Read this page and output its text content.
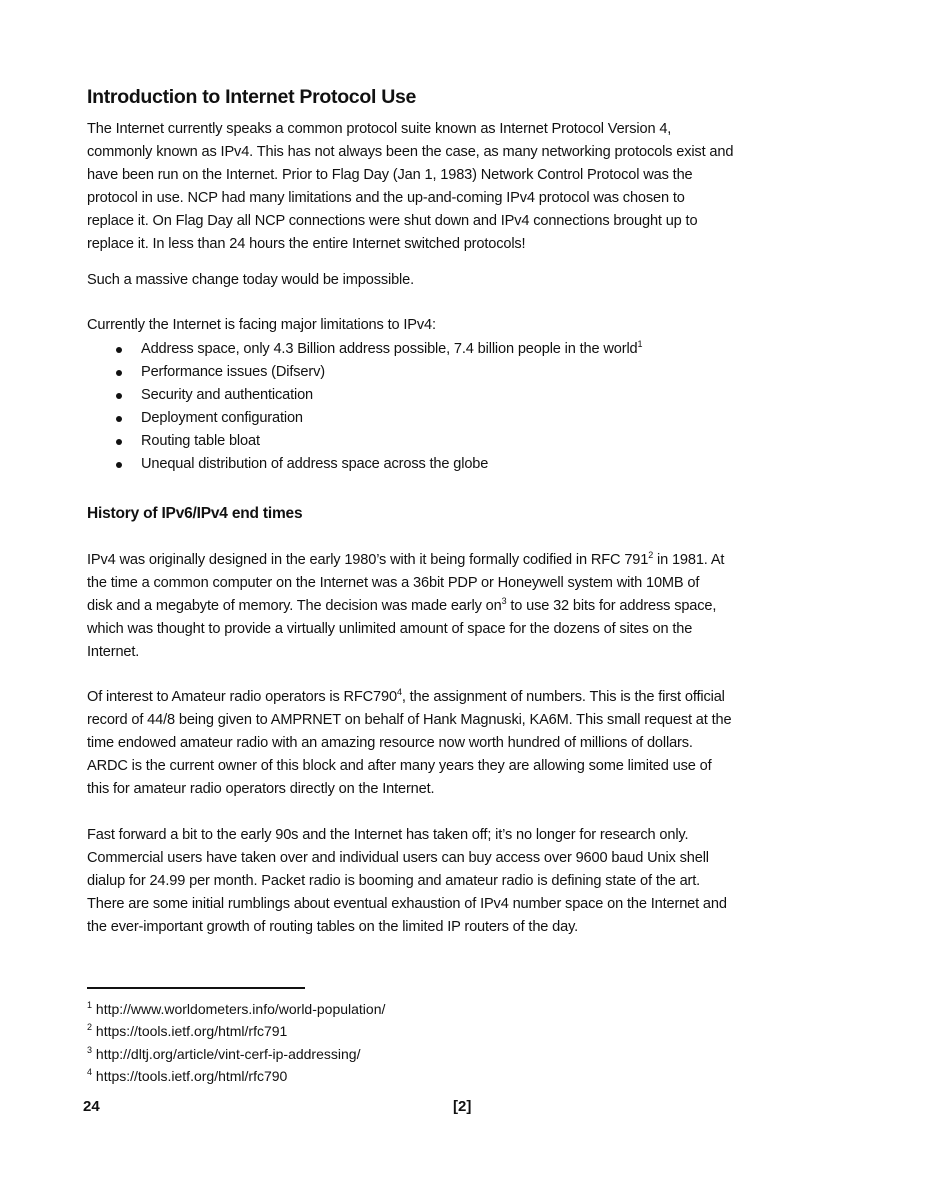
Introduction to Internet Protocol Use
The Internet currently speaks a common protocol suite known as Internet Protocol Version 4,
commonly known as IPv4. This has not always been the case, as many networking protocols exist and
have been run on the Internet. Prior to Flag Day (Jan 1, 1983) Network Control Protocol was the
protocol in use. NCP had many limitations and the up-and-coming IPv4 protocol was chosen to
replace it. On Flag Day all NCP connections were shut down and IPv4 connections brought up to
replace it. In less than 24 hours the entire Internet switched protocols!
Such a massive change today would be impossible.
Currently the Internet is facing major limitations to IPv4:
Address space, only 4.3 Billion address possible, 7.4 billion people in the world$^1$
Performance issues (Difserv)
Security and authentication
Deployment configuration
Routing table bloat
Unequal distribution of address space across the globe
History of IPv6/IPv4 end times
IPv4 was originally designed in the early 1980’s with it being formally codified in RFC $791^2$ in 1981. At
the time a common computer on the Internet was a 36bit PDP or Honeywell system with 10MB of
disk and a megabyte of memory. The decision was made early $on^3$ to use 32 bits for address space,
which was thought to provide a virtually unlimited amount of space for the dozens of sites on the
Internet.
Of interest to Amateur radio operators is $RFC790^4$, the assignment of numbers. This is the first official
record of 44/8 being given to AMPRNET on behalf of Hank Magnuski, KA6M. This small request at the
time endowed amateur radio with an amazing resource now worth hundred of millions of dollars.
ARDC is the current owner of this block and after many years they are allowing some limited use of
this for amateur radio operators directly on the Internet.
Fast forward a bit to the early 90s and the Internet has taken off; it’s no longer for research only.
Commercial users have taken over and individual users can buy access over 9600 baud Unix shell
dialup for 24.99 per month. Packet radio is booming and amateur radio is defining state of the art.
There are some initial rumblings about eventual exhaustion of IPv4 number space on the Internet and
the ever-important growth of routing tables on the limited IP routers of the day.
$^1$ http://www.worldometers.info/world-population/
$^2$ https://tools.ietf.org/html/rfc791
$^3$ http://dltj.org/article/vint-cerf-ip-addressing/
$^4$ https://tools.ietf.org/html/rfc790
24	[2]
